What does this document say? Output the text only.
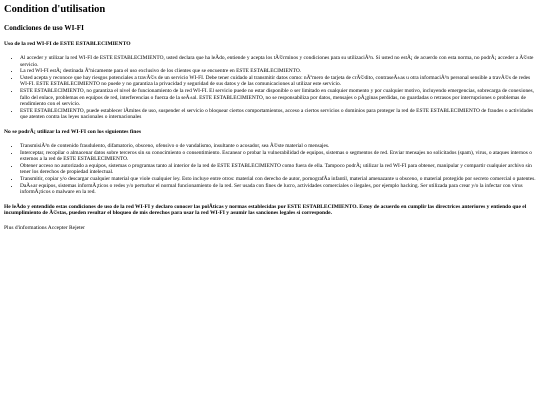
Condition d'utilisation
Condiciones de uso WI-FI
Uso de la red WI-FI de ESTE ESTABLECIMIENTO
• Al acceder y utilizar la red WI-FI de ESTE ESTABLECIMIENTO, usted declara que ha leÃdo, entiende y acepta los tÃ©rminos y condiciones para su utilizaciÃ³n. Si usted no estÃ¡ de acuerdo con esta norma, no podrÃ¡ acceder a Ã©ste servicio.
• La red WI-FI estÃ¡ destinada Ãºnicamente para el uso exclusivo de los clientes que se encuentre en ESTE ESTABLECIMIENTO.
• Usted acepta y reconoce que hay riesgos potenciales a travÃ©s de un servicio WI-FI. Debe tener cuidado al transmitir datos como: nÃºmero de tarjeta de crÃ©dito, contraseÃ±as u otra informaciÃ³n personal sensible a travÃ©s de redes WI-FI. ESTE ESTABLECIMIENTO no puede y no garantiza la privacidad y seguridad de sus datos y de las comunicaciones al utilizar este servicio.
• ESTE ESTABLECIMIENTO, no garantiza el nivel de funcionamiento de la red WI-FI. El servicio puede no estar disponible o ser limitado en cualquier momento y por cualquier motivo, incluyendo emergencias, sobrecarga de conexiones, fallo del enlace, problemas en equipos de red, interferencias o fuerza de la seÃ±al. ESTE ESTABLECIMIENTO, no se responsabiliza por datos, mensajes o pÃ¡ginas perdidas, no guardadas o retrasos por interrupciones o problemas de rendimiento con el servicio.
• ESTE ESTABLECIMIENTO, puede establecer lÃmites de uso, suspender el servicio o bloquear ciertos comportamientos, acceso a ciertos servicios o dominios para proteger la red de ESTE ESTABLECIMIENTO de fraudes o actividades que atenten contra las leyes nacionales o internacionales
No se podrÃ¡ utilizar la red WI-FI con los siguientes fines
• TransmisiÃ³n de contenido fraudulento, difamatorio, obsceno, ofensivo o de vandalismo, insultante o acosador, sea Ã©ste material o mensajes.
• Interceptar, recopilar o almacenar datos sobre terceros sin su conocimiento o consentimiento. Escanear o probar la vulnerabilidad de equipos, sistemas o segmentos de red. Enviar mensajes no solicitados (spam), virus, o ataques internos o externos a la red de ESTE ESTABLECIMIENTO.
• Obtener acceso no autorizado a equipos, sistemas o programas tanto al interior de la red de ESTE ESTABLECIMIENTO como fuera de ella. Tampoco podrÃ¡ utilizar la red WI-FI para obtener, manipular y compartir cualquier archivo sin tener los derechos de propiedad intelectual.
• Transmitir, copiar y/o descargar cualquier material que viole cualquier ley. Esto incluye entre otros: material con derecho de autor, pornografÃa infantil, material amenazante u obsceno, o material protegido por secreto comercial o patentes.
• DaÃ±ar equipos, sistemas informÃ¡ticos o redes y/o perturbar el normal funcionamiento de la red. Ser usada con fines de lucro, actividades comerciales o ilegales, por ejemplo hacking. Ser utilizada para crear y/o la infectar con virus informÃ¡ticos o malware en la red.

He leÃdo y entendido estas condiciones de uso de la red WI-FI y declaro conocer las polÃticas y normas establecidas por ESTE ESTABLECIMIENTO. Estoy de acuerdo en cumplir las directrices anteriores y entiendo que el incumplimiento de Ã©stas, pueden resultar el bloqueo de mis derechos para usar la red WI-FI y asumir las sanciones legales si corresponde.

Plus d'informations Accepter Rejeter
